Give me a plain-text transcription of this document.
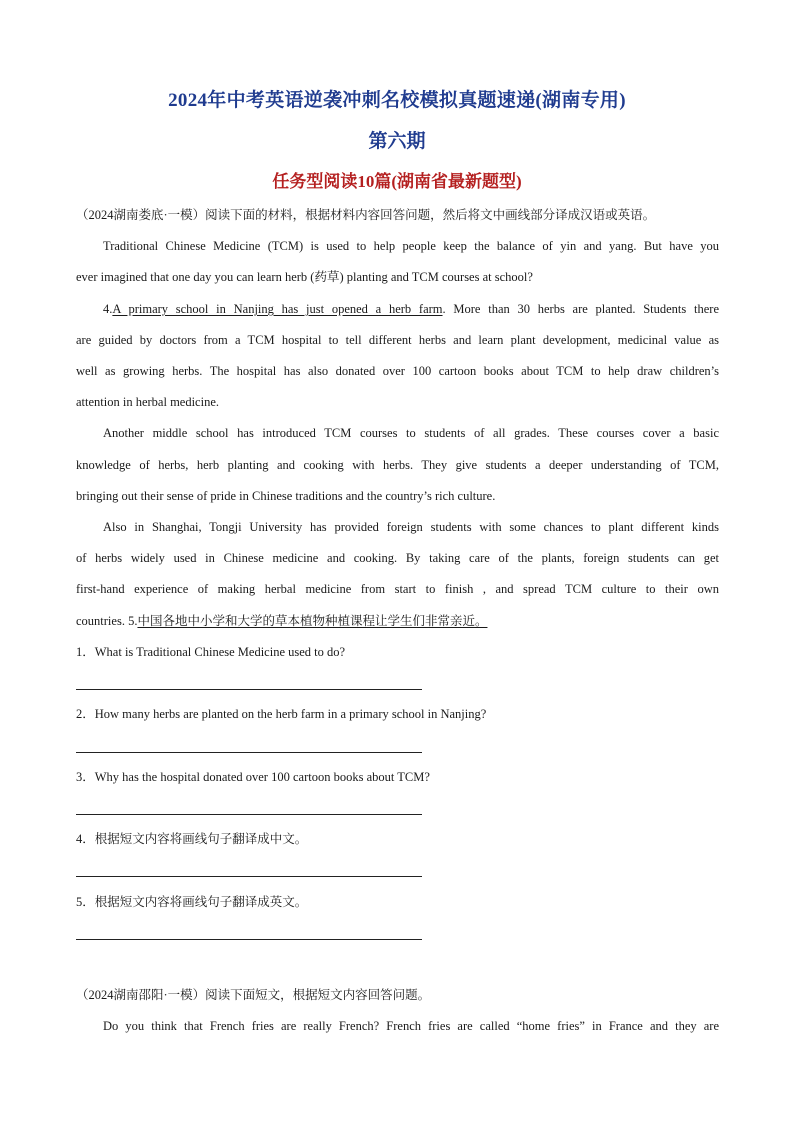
2024年中考英语逆袭冲刺名校模拟真题速递(湖南专用)
第六期
任务型阅读10篇(湖南省最新题型)
（2024湖南娄底·一模）阅读下面的材料，根据材料内容回答问题，然后将文中画线部分译成汉语或英语。
Traditional Chinese Medicine (TCM) is used to help people keep the balance of yin and yang. But have you
ever imagined that one day you can learn herb (药草) planting and TCM courses at school?
4.A primary school in Nanjing has just opened a herb farm. More than 30 herbs are planted. Students there
are guided by doctors from a TCM hospital to tell different herbs and learn plant development, medicinal value as
well as growing herbs. The hospital has also donated over 100 cartoon books about TCM to help draw children’s
attention in herbal medicine.
Another middle school has introduced TCM courses to students of all grades. These courses cover a basic
knowledge of herbs, herb planting and cooking with herbs. They give students a deeper understanding of TCM,
bringing out their sense of pride in Chinese traditions and the country’s rich culture.
Also in Shanghai, Tongji University has provided foreign students with some chances to plant different kinds
of herbs widely used in Chinese medicine and cooking. By taking care of the plants, foreign students can get
first-hand experience of making herbal medicine from start to finish , and spread TCM culture to their own
countries. 5.中国各地中小学和大学的草本植物种植课程让学生们非常亲近。
1．What is Traditional Chinese Medicine used to do?
2．How many herbs are planted on the herb farm in a primary school in Nanjing?
3．Why has the hospital donated over 100 cartoon books about TCM?
4．根据短文内容将画线句子翻译成中文。
5．根据短文内容将画线句子翻译成英文。
（2024湖南邵阳·一模）阅读下面短文，根据短文内容回答问题。
Do you think that French fries are really French? French fries are called “home fries” in France and they are
